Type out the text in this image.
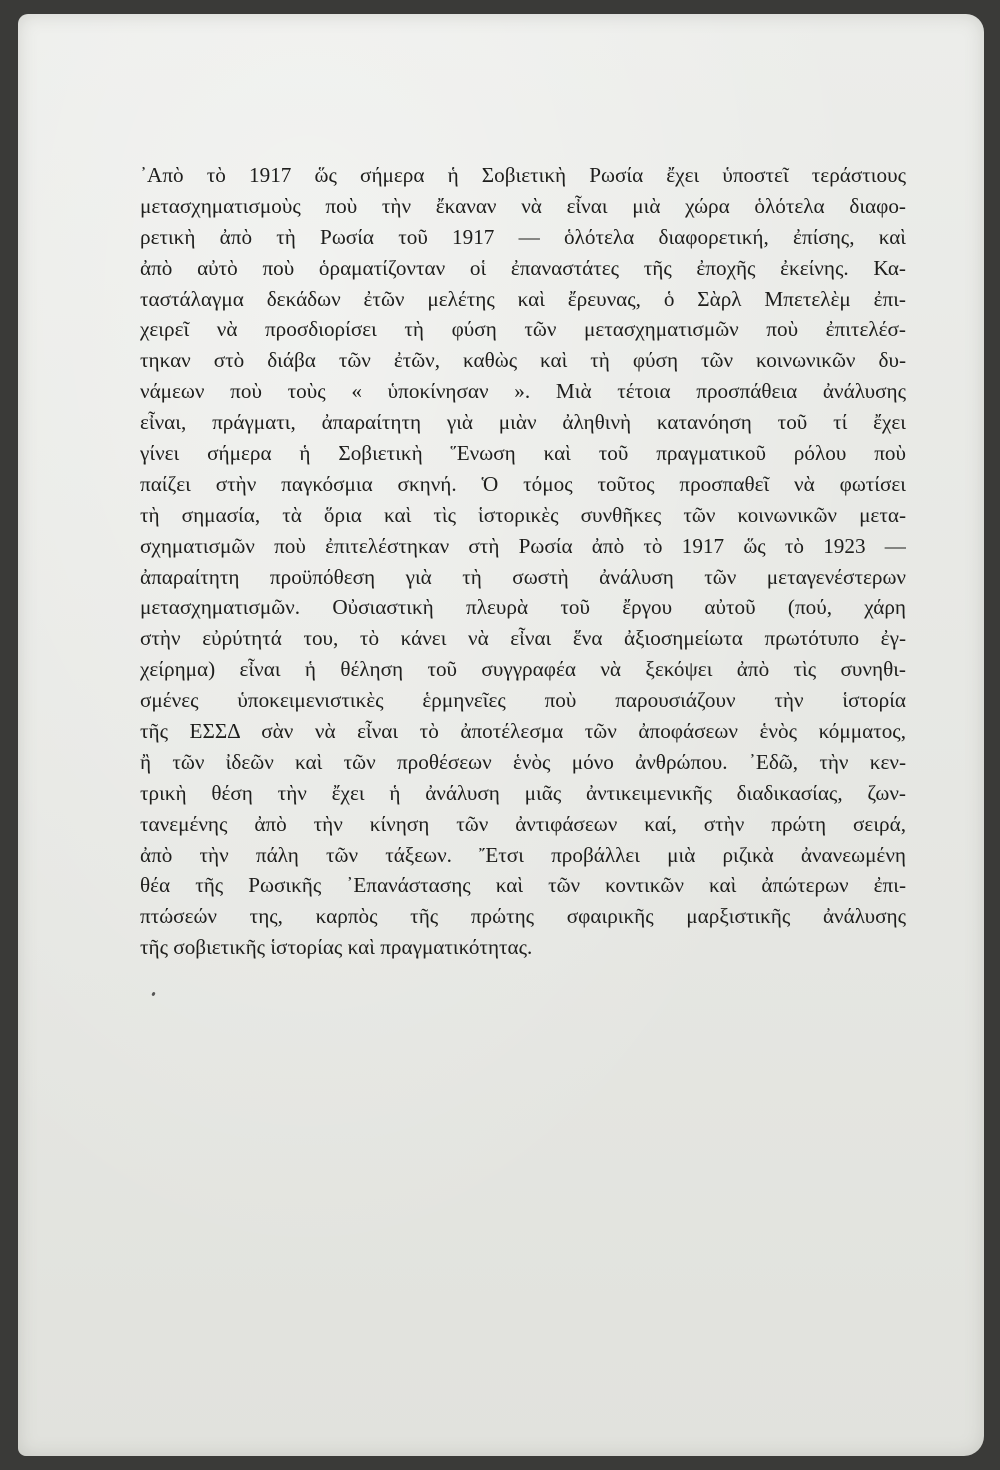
᾿Απὸ τὸ 1917 ὥς σήμερα ἡ Σοβιετικὴ Ρωσία ἔχει ὑποστεῖ τεράστιους
μετασχηματισμοὺς ποὺ τὴν ἔκαναν νὰ εἶναι μιὰ χώρα ὁλότελα διαφο-
ρετικὴ ἀπὸ τὴ Ρωσία τοῦ 1917 — ὁλότελα διαφορετική, ἐπίσης, καὶ
ἀπὸ αὐτὸ ποὺ ὁραματίζονταν οἱ ἐπαναστάτες τῆς ἐποχῆς ἐκείνης. Κα-
ταστάλαγμα δεκάδων ἐτῶν μελέτης καὶ ἔρευνας, ὁ Σὰρλ Μπετελὲμ ἐπι-
χειρεῖ νὰ προσδιορίσει τὴ φύση τῶν μετασχηματισμῶν ποὺ ἐπιτελέσ-
τηκαν στὸ διάβα τῶν ἐτῶν, καθὼς καὶ τὴ φύση τῶν κοινωνικῶν δυ-
νάμεων ποὺ τοὺς « ὑποκίνησαν ». Μιὰ τέτοια προσπάθεια ἀνάλυσης
εἶναι, πράγματι, ἀπαραίτητη γιὰ μιὰν ἀληθινὴ κατανόηση τοῦ τί ἔχει
γίνει σήμερα ἡ Σοβιετικὴ Ἕνωση καὶ τοῦ πραγματικοῦ ρόλου ποὺ
παίζει στὴν παγκόσμια σκηνή. Ὁ τόμος τοῦτος προσπαθεῖ νὰ φωτίσει
τὴ σημασία, τὰ ὅρια καὶ τὶς ἱστορικὲς συνθῆκες τῶν κοινωνικῶν μετα-
σχηματισμῶν ποὺ ἐπιτελέστηκαν στὴ Ρωσία ἀπὸ τὸ 1917 ὥς τὸ 1923 —
ἀπαραίτητη προϋπόθεση γιὰ τὴ σωστὴ ἀνάλυση τῶν μεταγενέστερων
μετασχηματισμῶν. Οὐσιαστικὴ πλευρὰ τοῦ ἔργου αὐτοῦ (πού, χάρη
στὴν εὐρύτητά του, τὸ κάνει νὰ εἶναι ἕνα ἀξιοσημείωτα πρωτότυπο ἐγ-
χείρημα) εἶναι ἡ θέληση τοῦ συγγραφέα νὰ ξεκόψει ἀπὸ τὶς συνηθι-
σμένες ὑποκειμενιστικὲς ἑρμηνεῖες ποὺ παρουσιάζουν τὴν ἱστορία
τῆς ΕΣΣΔ σὰν νὰ εἶναι τὸ ἀποτέλεσμα τῶν ἀποφάσεων ἑνὸς κόμματος,
ἢ τῶν ἰδεῶν καὶ τῶν προθέσεων ἑνὸς μόνο ἀνθρώπου. ᾿Εδῶ, τὴν κεν-
τρικὴ θέση τὴν ἔχει ἡ ἀνάλυση μιᾶς ἀντικειμενικῆς διαδικασίας, ζων-
τανεμένης ἀπὸ τὴν κίνηση τῶν ἀντιφάσεων καί, στὴν πρώτη σειρά,
ἀπὸ τὴν πάλη τῶν τάξεων. Ἔτσι προβάλλει μιὰ ριζικὰ ἀνανεωμένη
θέα τῆς Ρωσικῆς ᾿Επανάστασης καὶ τῶν κοντικῶν καὶ ἀπώτερων ἐπι-
πτώσεών της, καρπὸς τῆς πρώτης σφαιρικῆς μαρξιστικῆς ἀνάλυσης
τῆς σοβιετικῆς ἱστορίας καὶ πραγματικότητας.
